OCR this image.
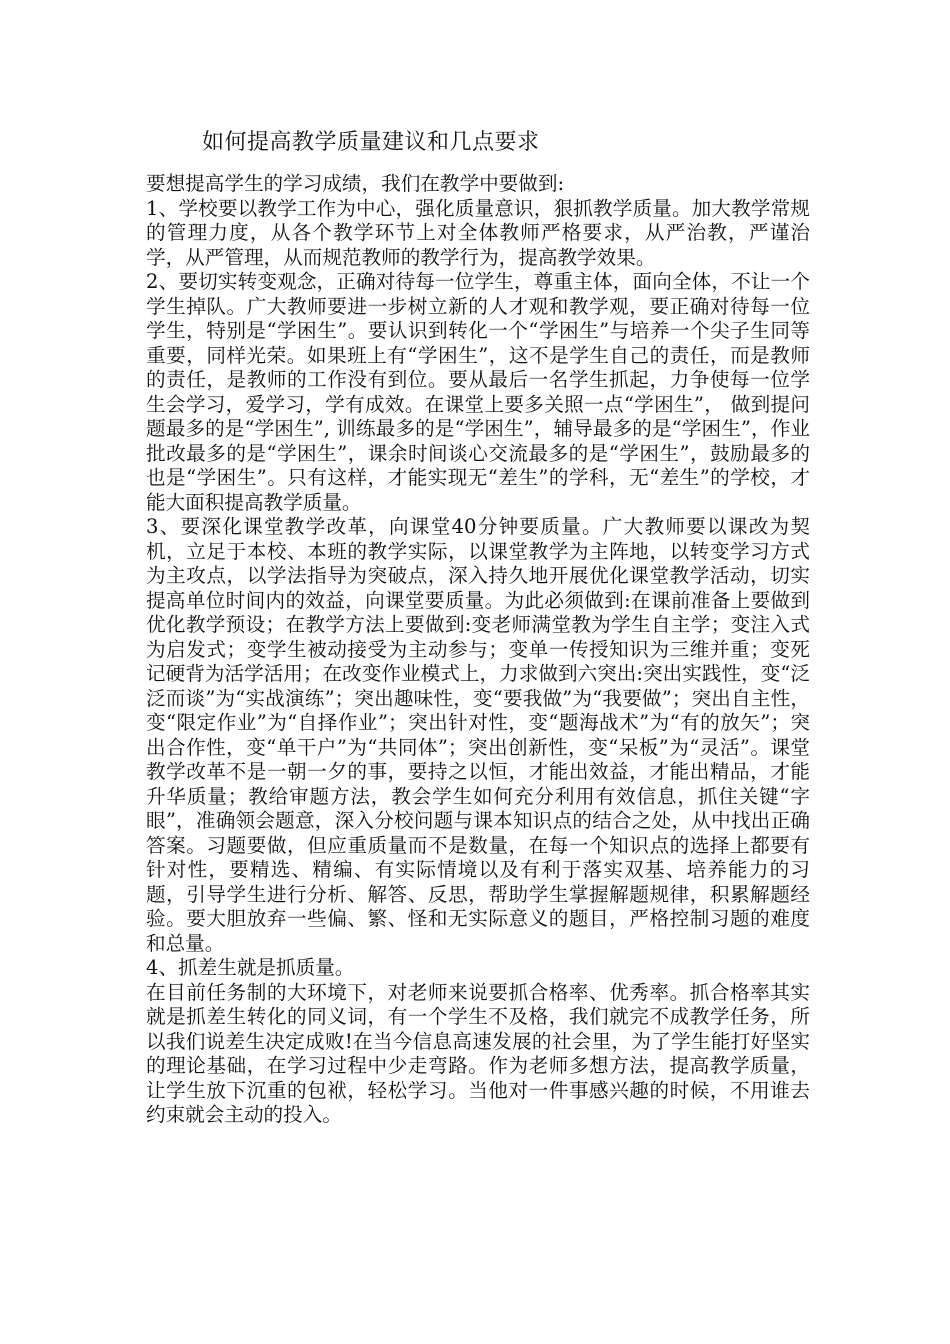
如何提高教学质量建议和几点要求

要想提高学生的学习成绩，我们在教学中要做到:

1、学校要以教学工作为中心，强化质量意识，狠抓教学质量。加大教学常规的管理力度，从各个教学环节上对全体教师严格要求，从严治教，严谨治学，从严管理，从而规范教师的教学行为，提高教学效果。

2、要切实转变观念，正确对待每一位学生，尊重主体，面向全体，不让一个学生掉队。广大教师要进一步树立新的人才观和教学观，要正确对待每一位学生，特别是“学困生”。要认识到转化一个“学困生”与培养一个尖子生同等重要，同样光荣。如果班上有“学困生”，这不是学生自己的责任，而是教师的责任，是教师的工作没有到位。要从最后一名学生抓起，力争使每一位学生会学习，爱学习，学有成效。在课堂上要多关照一点“学困生”， 做到提问题最多的是“学困生”, 训练最多的是“学困生”，辅导最多的是“学困生”，作业批改最多的是“学困生”，课余时间谈心交流最多的是“学困生”，鼓励最多的也是“学困生”。只有这样，才能实现无“差生”的学科，无“差生”的学校，才能大面积提高教学质量。

3、要深化课堂教学改革，向课堂40分钟要质量。广大教师要以课改为契机，立足于本校、本班的教学实际，以课堂教学为主阵地，以转变学习方式为主攻点，以学法指导为突破点，深入持久地开展优化课堂教学活动，切实提高单位时间内的效益，向课堂要质量。为此必须做到:在课前准备上要做到优化教学预设；在教学方法上要做到:变老师满堂教为学生自主学；变注入式为启发式；变学生被动接受为主动参与；变单一传授知识为三维并重；变死记硬背为活学活用；在改变作业模式上，力求做到六突出:突出实践性，变“泛泛而谈”为“实战演练”；突出趣味性，变“要我做”为“我要做”；突出自主性，变“限定作业”为“自择作业”；突出针对性，变“题海战术”为“有的放矢”；突出合作性，变“单干户”为“共同体”；突出创新性，变“呆板”为“灵活”。课堂教学改革不是一朝一夕的事，要持之以恒，才能出效益，才能出精品，才能升华质量；教给审题方法，教会学生如何充分利用有效信息，抓住关键“字眼”，准确领会题意，深入分校问题与课本知识点的结合之处，从中找出正确答案。习题要做，但应重质量而不是数量，在每一个知识点的选择上都要有针对性，要精选、精编、有实际情境以及有利于落实双基、培养能力的习题，引导学生进行分析、解答、反思，帮助学生掌握解题规律，积累解题经验。要大胆放弃一些偏、繁、怪和无实际意义的题目，严格控制习题的难度和总量。

4、抓差生就是抓质量。

在目前任务制的大环境下，对老师来说要抓合格率、优秀率。抓合格率其实就是抓差生转化的同义词，有一个学生不及格，我们就完不成教学任务，所以我们说差生决定成败!在当今信息高速发展的社会里，为了学生能打好坚实的理论基础，在学习过程中少走弯路。作为老师多想方法，提高教学质量，让学生放下沉重的包袱，轻松学习。当他对一件事感兴趣的时候，不用谁去约束就会主动的投入。
